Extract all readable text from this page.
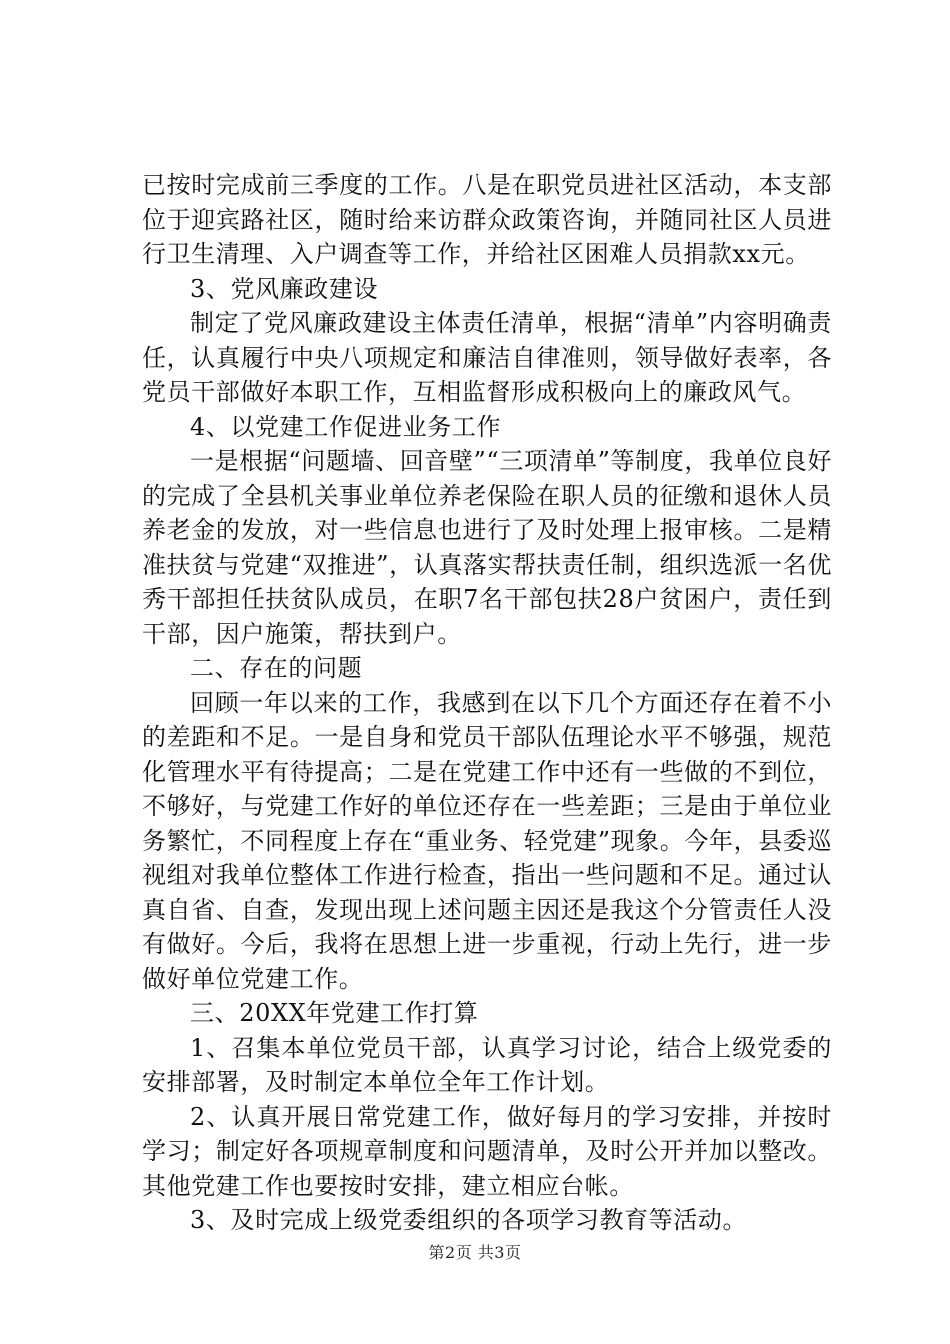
已按时完成前三季度的工作。八是在职党员进社区活动，本支部位于迎宾路社区，随时给来访群众政策咨询，并随同社区人员进行卫生清理、入户调查等工作，并给社区困难人员捐款xx元。

3、党风廉政建设

制定了党风廉政建设主体责任清单，根据“清单”内容明确责任，认真履行中央八项规定和廉洁自律准则，领导做好表率，各党员干部做好本职工作，互相监督形成积极向上的廉政风气。

4、以党建工作促进业务工作

一是根据“问题墙、回音壁”“三项清单”等制度，我单位良好的完成了全县机关事业单位养老保险在职人员的征缴和退休人员养老金的发放，对一些信息也进行了及时处理上报审核。二是精准扶贫与党建“双推进”，认真落实帮扶责任制，组织选派一名优秀干部担任扶贫队成员，在职7名干部包扶28户贫困户，责任到干部，因户施策，帮扶到户。

二、存在的问题

回顾一年以来的工作，我感到在以下几个方面还存在着不小的差距和不足。一是自身和党员干部队伍理论水平不够强，规范化管理水平有待提高；二是在党建工作中还有一些做的不到位，不够好，与党建工作好的单位还存在一些差距；三是由于单位业务繁忙，不同程度上存在“重业务、轻党建”现象。今年，县委巡视组对我单位整体工作进行检查，指出一些问题和不足。通过认真自省、自查，发现出现上述问题主因还是我这个分管责任人没有做好。今后，我将在思想上进一步重视，行动上先行，进一步做好单位党建工作。

三、20XX年党建工作打算

1、召集本单位党员干部，认真学习讨论，结合上级党委的安排部署，及时制定本单位全年工作计划。

2、认真开展日常党建工作，做好每月的学习安排，并按时学习；制定好各项规章制度和问题清单，及时公开并加以整改。其他党建工作也要按时安排，建立相应台帐。

3、及时完成上级党委组织的各项学习教育等活动。

第2页 共3页
